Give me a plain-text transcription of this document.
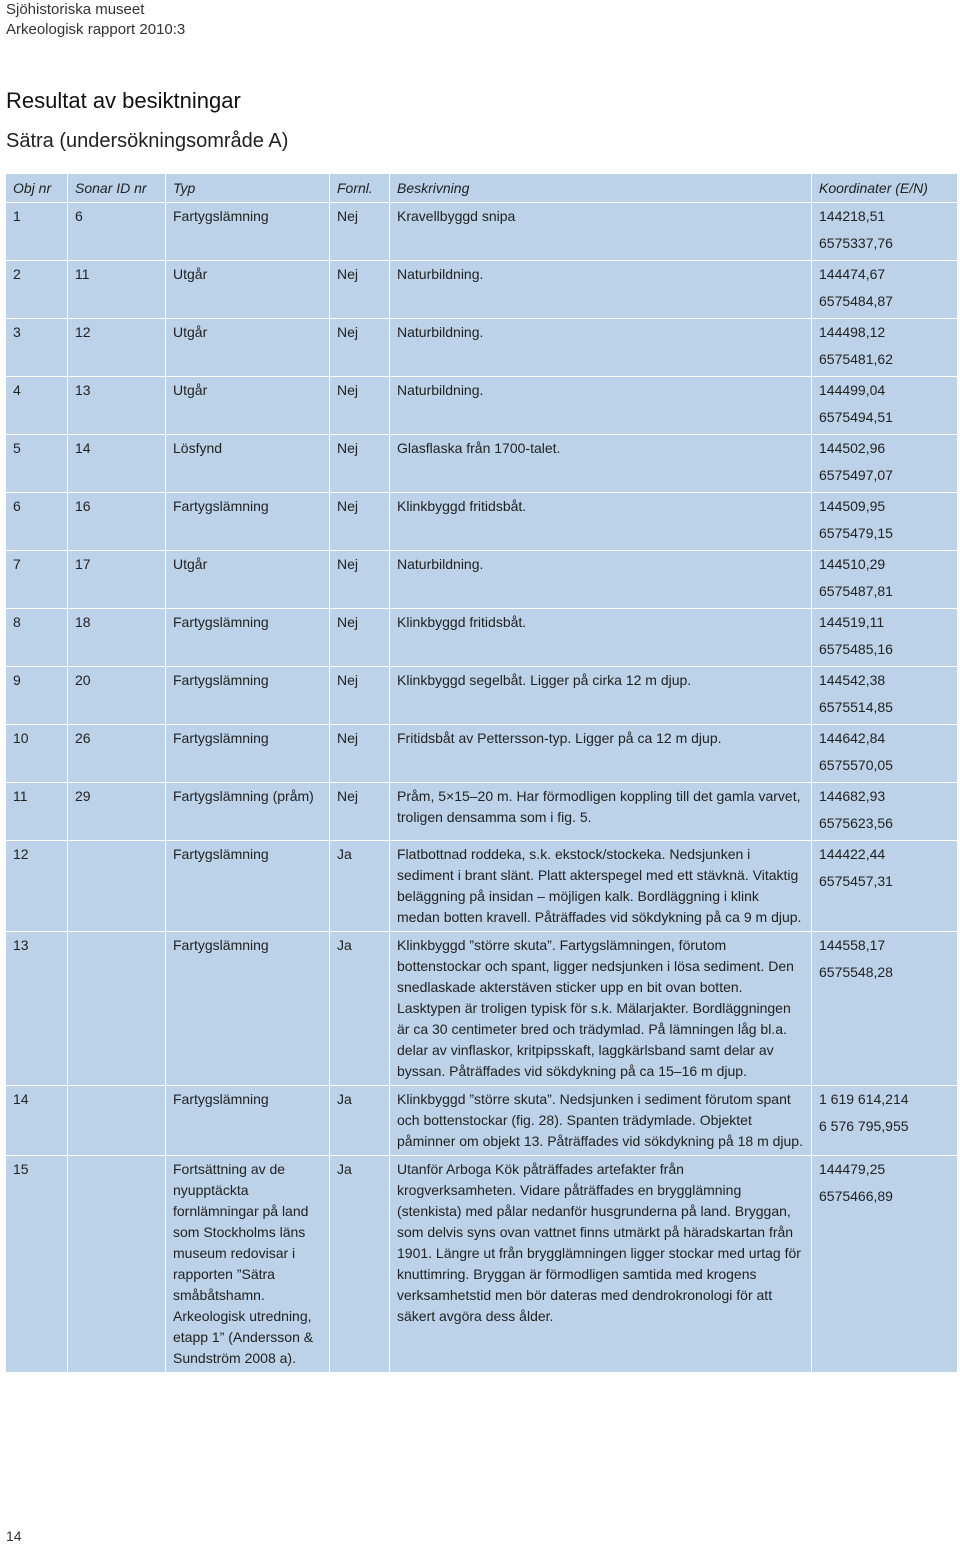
Sjöhistoriska museet
Arkeologisk rapport 2010:3
Resultat av besiktningar
Sätra (undersökningsområde A)
Obj nr	Sonar ID nr	Typ	Fornl.	Beskrivning	Koordinater (E/N)
1	6	Fartygslämning	Nej	Kravellbyggd snipa	144218,51
6575337,76

2	11	Utgår	Nej	Naturbildning.	144474,67
6575484,87

3	12	Utgår	Nej	Naturbildning.	144498,12
6575481,62

4	13	Utgår	Nej	Naturbildning.	144499,04
6575494,51

5	14	Lösfynd	Nej	Glasflaska från 1700-talet.	144502,96
6575497,07

6	16	Fartygslämning	Nej	Klinkbyggd fritidsbåt.	144509,95
6575479,15

7	17	Utgår	Nej	Naturbildning.	144510,29
6575487,81

8	18	Fartygslämning	Nej	Klinkbyggd fritidsbåt.	144519,11
6575485,16

9	20	Fartygslämning	Nej	Klinkbyggd segelbåt. Ligger på cirka 12 m djup.	144542,38
6575514,85

10	26	Fartygslämning	Nej	Fritidsbåt av Pettersson-typ. Ligger på ca 12 m djup.	144642,84
6575570,05

11	29	Fartygslämning (pråm)	Nej	Pråm, 5×15–20 m. Har förmodligen koppling till det gamla varvet, troligen densamma som i fig. 5.	144682,93
6575623,56

12		Fartygslämning	Ja	Flatbottnad roddeka, s.k. ekstock/stockeka. Nedsjunken i sediment i brant slänt. Platt akterspegel med ett stävknä. Vitaktig beläggning på insidan – möjligen kalk. Bordläggning i klink medan botten kravell. Påträffades vid sökdykning på ca 9 m djup.	144422,44
6575457,31

13		Fartygslämning	Ja	Klinkbyggd ”större skuta”. Fartygslämningen, förutom bottenstockar och spant, ligger nedsjunken i lösa sediment. Den snedlaskade akterstäven sticker upp en bit ovan botten. Lasktypen är troligen typisk för s.k. Mälarjakter. Bordläggningen är ca 30 centimeter bred och trädymlad. På lämningen låg bl.a. delar av vinflaskor, kritpipsskaft, laggkärlsband samt delar av byssan. Påträffades vid sökdykning på ca 15–16 m djup.	144558,17
6575548,28

14		Fartygslämning	Ja	Klinkbyggd ”större skuta”. Nedsjunken i sediment förutom spant och bottenstockar (fig. 28). Spanten trädymlade. Objektet påminner om objekt 13. Påträffades vid sökdykning på 18 m djup.	1 619 614,214
6 576 795,955

15		Fortsättning av de nyupptäckta fornlämningar på land som Stockholms läns museum redovisar i rapporten ”Sätra småbåtshamn. Arkeologisk utredning, etapp 1” (Andersson & Sundström 2008 a).	Ja	Utanför Arboga Kök påträffades artefakter från krogverksamheten. Vidare påträffades en brygglämning (stenkista) med pålar nedanför husgrunderna på land. Bryggan, som delvis syns ovan vattnet finns utmärkt på häradskartan från 1901. Längre ut från brygglämningen ligger stockar med urtag för knuttimring. Bryggan är förmodligen samtida med krogens verksamhetstid men bör dateras med dendrokronologi för att säkert avgöra dess ålder.	144479,25
6575466,89
14
